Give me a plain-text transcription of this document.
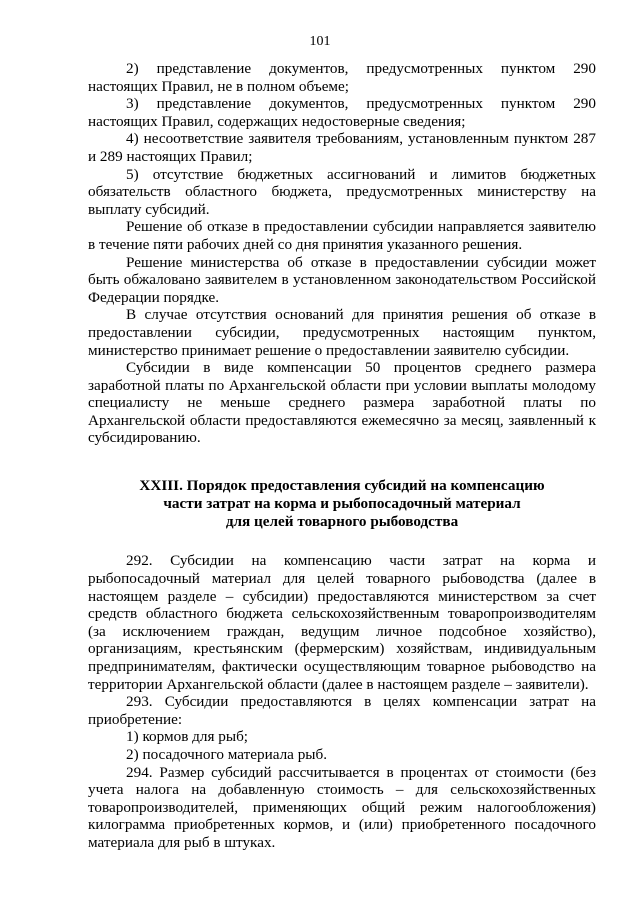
101

2) представление документов, предусмотренных пунктом 290 настоящих Правил, не в полном объеме;

3) представление документов, предусмотренных пунктом 290 настоящих Правил, содержащих недостоверные сведения;

4) несоответствие заявителя требованиям, установленным пунктом 287 и 289 настоящих Правил;

5) отсутствие бюджетных ассигнований и лимитов бюджетных обязательств областного бюджета, предусмотренных министерству на выплату субсидий.

Решение об отказе в предоставлении субсидии направляется заявителю в течение пяти рабочих дней со дня принятия указанного решения.

Решение министерства об отказе в предоставлении субсидии может быть обжаловано заявителем в установленном законодательством Российской Федерации порядке.

В случае отсутствия оснований для принятия решения об отказе в предоставлении субсидии, предусмотренных настоящим пунктом, министерство принимает решение о предоставлении заявителю субсидии.

Субсидии в виде компенсации 50 процентов среднего размера заработной платы по Архангельской области при условии выплаты молодому специалисту не меньше среднего размера заработной платы по Архангельской области предоставляются ежемесячно за месяц, заявленный к субсидированию.

XXIII. Порядок предоставления субсидий на компенсацию
части затрат на корма и рыбопосадочный материал
для целей товарного рыбоводства

292. Субсидии на компенсацию части затрат на корма и рыбопосадочный материал для целей товарного рыбоводства (далее в настоящем разделе – субсидии) предоставляются министерством за счет средств областного бюджета сельскохозяйственным товаропроизводителям (за исключением граждан, ведущим личное подсобное хозяйство), организациям, крестьянским (фермерским) хозяйствам, индивидуальным предпринимателям, фактически осуществляющим товарное рыбоводство на территории Архангельской области (далее в настоящем разделе – заявители).

293. Субсидии предоставляются в целях компенсации затрат на приобретение:

1) кормов для рыб;

2) посадочного материала рыб.

294. Размер субсидий рассчитывается в процентах от стоимости (без учета налога на добавленную стоимость – для сельскохозяйственных товаропроизводителей, применяющих общий режим налогообложения) килограмма приобретенных кормов, и (или) приобретенного посадочного материала для рыб в штуках.
